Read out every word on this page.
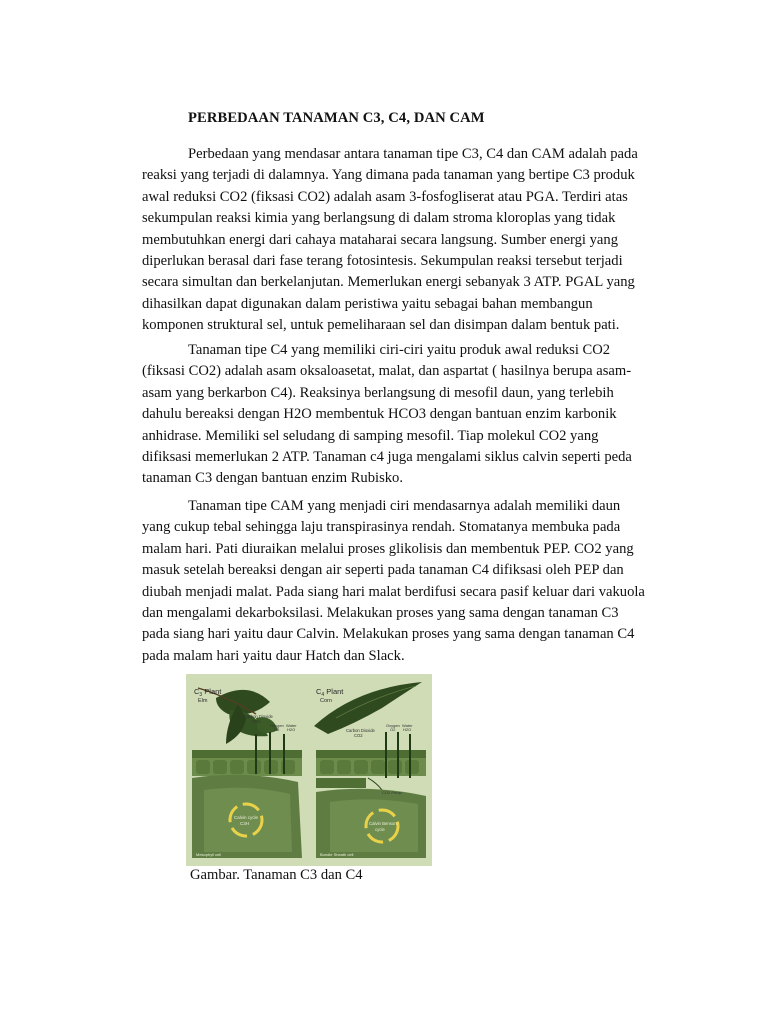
PERBEDAAN TANAMAN C3, C4, DAN CAM
Perbedaan yang mendasar antara tanaman tipe C3, C4 dan CAM adalah pada
reaksi yang terjadi di dalamnya. Yang dimana pada tanaman yang bertipe C3 produk
awal reduksi CO2 (fiksasi CO2) adalah asam 3-fosfogliserat atau PGA. Terdiri atas
sekumpulan reaksi kimia yang berlangsung di dalam stroma kloroplas yang tidak
membutuhkan energi dari cahaya mataharai secara langsung. Sumber energi yang
diperlukan berasal dari fase terang fotosintesis. Sekumpulan reaksi tersebut terjadi
secara simultan dan berkelanjutan. Memerlukan energi sebanyak 3 ATP. PGAL yang
dihasilkan dapat digunakan dalam peristiwa yaitu sebagai bahan membangun
komponen struktural sel, untuk pemeliharaan sel dan disimpan dalam bentuk pati.
Tanaman tipe C4 yang memiliki ciri-ciri yaitu produk awal reduksi CO2
(fiksasi CO2) adalah asam oksaloasetat, malat, dan aspartat ( hasilnya berupa asam-
asam yang berkarbon C4). Reaksinya berlangsung di mesofil daun, yang terlebih
dahulu bereaksi dengan H2O membentuk HCO3 dengan bantuan enzim karbonik
anhidrase. Memiliki sel seludang di samping mesofil. Tiap molekul CO2 yang
difiksasi memerlukan 2 ATP. Tanaman c4 juga mengalami siklus calvin seperti peda
tanaman C3 dengan bantuan enzim Rubisko.
Tanaman tipe CAM yang menjadi ciri mendasarnya adalah memiliki daun
yang cukup tebal sehingga laju transpirasinya rendah. Stomatanya membuka pada
malam hari. Pati diuraikan melalui proses glikolisis dan membentuk PEP. CO2 yang
masuk setelah bereaksi dengan air seperti pada tanaman C4 difiksasi oleh PEP dan
diubah menjadi malat. Pada siang hari malat berdifusi secara pasif keluar dari vakuola
dan mengalami dekarboksilasi. Melakukan proses yang sama dengan tanaman C3
pada siang hari yaitu daur Calvin. Melakukan proses yang sama dengan tanaman C4
pada malam hari yaitu daur Hatch dan Slack.
Calvin cycle
C3H
Mesophyll cell
$C_3$ Plant
Elm
Carbon Dioxide
CO2
Oxygen
O2
Water
H2O
Calvin Benson
cycle
Bundle Sheath cell
$C_4$ Plant
Corn
Carbon Dioxide
CO2
Oxygen
O2
Water
H2O
CO2 Pump
Gambar. Tanaman C3 dan C4
